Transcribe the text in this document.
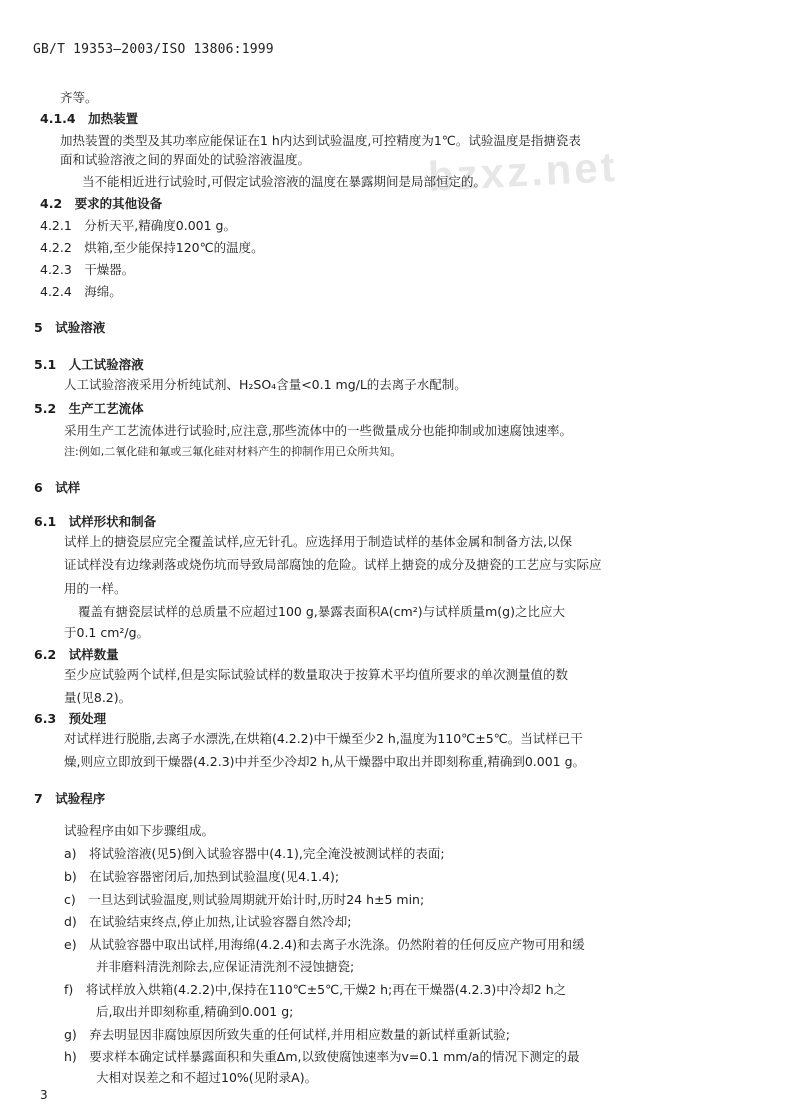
GB/T 19353—2003/ISO 13806:1999
bzxz.net
齐等。
4.1.4　加热装置
加热装置的类型及其功率应能保证在1 h内达到试验温度,可控精度为1℃。试验温度是指搪瓷表
面和试验溶液之间的界面处的试验溶液温度。
当不能相近进行试验时,可假定试验溶液的温度在暴露期间是局部恒定的。
4.2　要求的其他设备
4.2.1　分析天平,精确度0.001 g。
4.2.2　烘箱,至少能保持120℃的温度。
4.2.3　干燥器。
4.2.4　海绵。
5　试验溶液
5.1　人工试验溶液
人工试验溶液采用分析纯试剂、H₂SO₄含量<0.1 mg/L的去离子水配制。
5.2　生产工艺流体
采用生产工艺流体进行试验时,应注意,那些流体中的一些微量成分也能抑制或加速腐蚀速率。
注:例如,二氧化硅和氟或三氟化硅对材料产生的抑制作用已众所共知。
6　试样
6.1　试样形状和制备
试样上的搪瓷层应完全覆盖试样,应无针孔。应选择用于制造试样的基体金属和制备方法,以保
证试样没有边缘剥落或烧伤坑而导致局部腐蚀的危险。试样上搪瓷的成分及搪瓷的工艺应与实际应
用的一样。
覆盖有搪瓷层试样的总质量不应超过100 g,暴露表面积A(cm²)与试样质量m(g)之比应大
于0.1 cm²/g。
6.2　试样数量
至少应试验两个试样,但是实际试验试样的数量取决于按算术平均值所要求的单次测量值的数
量(见8.2)。
6.3　预处理
对试样进行脱脂,去离子水漂洗,在烘箱(4.2.2)中干燥至少2 h,温度为110℃±5℃。当试样已干
燥,则应立即放到干燥器(4.2.3)中并至少冷却2 h,从干燥器中取出并即刻称重,精确到0.001 g。
7　试验程序
试验程序由如下步骤组成。
a)　将试验溶液(见5)倒入试验容器中(4.1),完全淹没被测试样的表面;
b)　在试验容器密闭后,加热到试验温度(见4.1.4);
c)　一旦达到试验温度,则试验周期就开始计时,历时24 h±5 min;
d)　在试验结束终点,停止加热,让试验容器自然冷却;
e)　从试验容器中取出试样,用海绵(4.2.4)和去离子水洗涤。仍然附着的任何反应产物可用和缓
并非磨料清洗剂除去,应保证清洗剂不浸蚀搪瓷;
f)　将试样放入烘箱(4.2.2)中,保持在110℃±5℃,干燥2 h;再在干燥器(4.2.3)中冷却2 h之
后,取出并即刻称重,精确到0.001 g;
g)　弃去明显因非腐蚀原因所致失重的任何试样,并用相应数量的新试样重新试验;
h)　要求样本确定试样暴露面积和失重Δm,以致使腐蚀速率为v=0.1 mm/a的情况下测定的最
大相对误差之和不超过10%(见附录A)。
3
